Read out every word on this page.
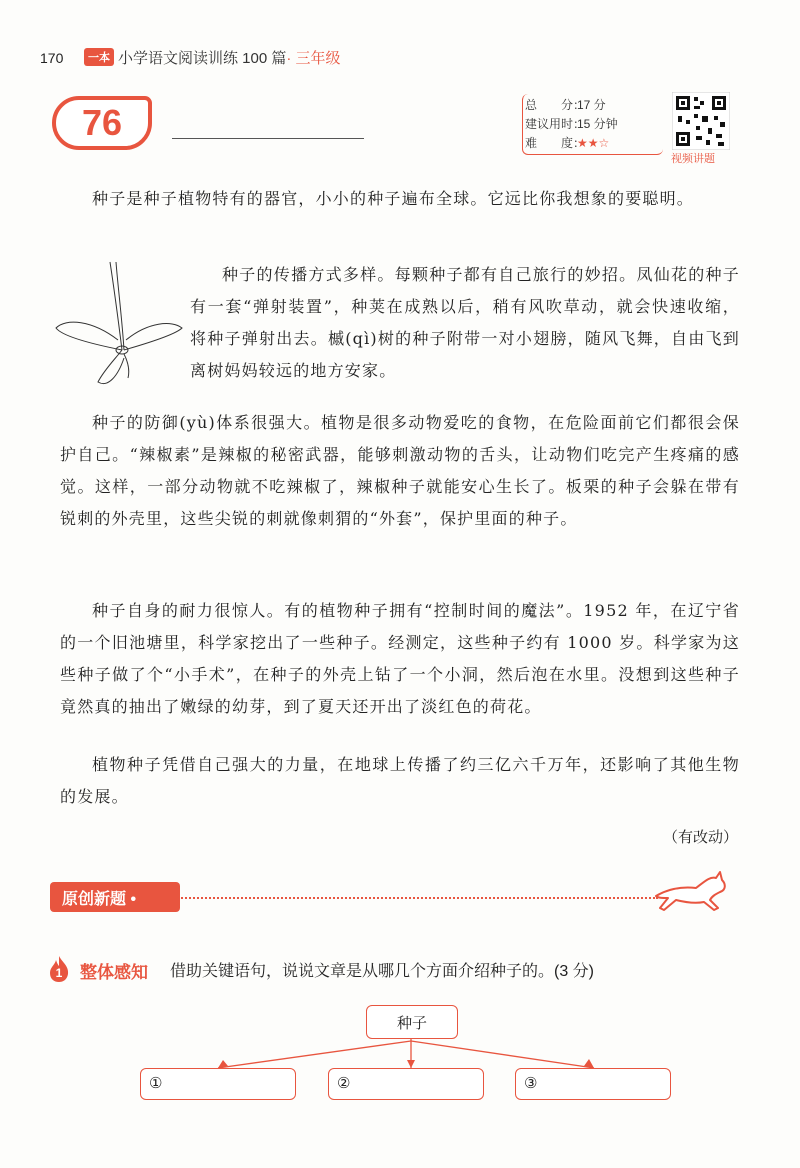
170	一本 小学语文阅读训练 100 篇· 三年级
76	总　　分：17 分
建议用时：15 分钟
难　　度：★★☆
视频讲题
种子是种子植物特有的器官，小小的种子遍布全球。它远比你我想象的要聪明。
种子的传播方式多样。每颗种子都有自己旅行的妙招。凤仙花的种子有一套“弹射装置”，种荚在成熟以后，稍有风吹草动，就会快速收缩，将种子弹射出去。槭(qì)树的种子附带一对小翅膀，随风飞舞，自由飞到离树妈妈较远的地方安家。
种子的防御(yù)体系很强大。植物是很多动物爱吃的食物，在危险面前它们都很会保护自己。“辣椒素”是辣椒的秘密武器，能够刺激动物的舌头，让动物们吃完产生疼痛的感觉。这样，一部分动物就不吃辣椒了，辣椒种子就能安心生长了。板栗的种子会躲在带有锐刺的外壳里，这些尖锐的刺就像刺猬的“外套”，保护里面的种子。
种子自身的耐力很惊人。有的植物种子拥有“控制时间的魔法”。1952 年，在辽宁省的一个旧池塘里，科学家挖出了一些种子。经测定，这些种子约有 1000 岁。科学家为这些种子做了个“小手术”，在种子的外壳上钻了一个小洞，然后泡在水里。没想到这些种子竟然真的抽出了嫩绿的幼芽，到了夏天还开出了淡红色的荷花。
植物种子凭借自己强大的力量，在地球上传播了约三亿六千万年，还影响了其他生物的发展。
（有改动）
原创新题 •
1 整体感知 借助关键语句，说说文章是从哪几个方面介绍种子的。(3 分)
种子
①	②	③
